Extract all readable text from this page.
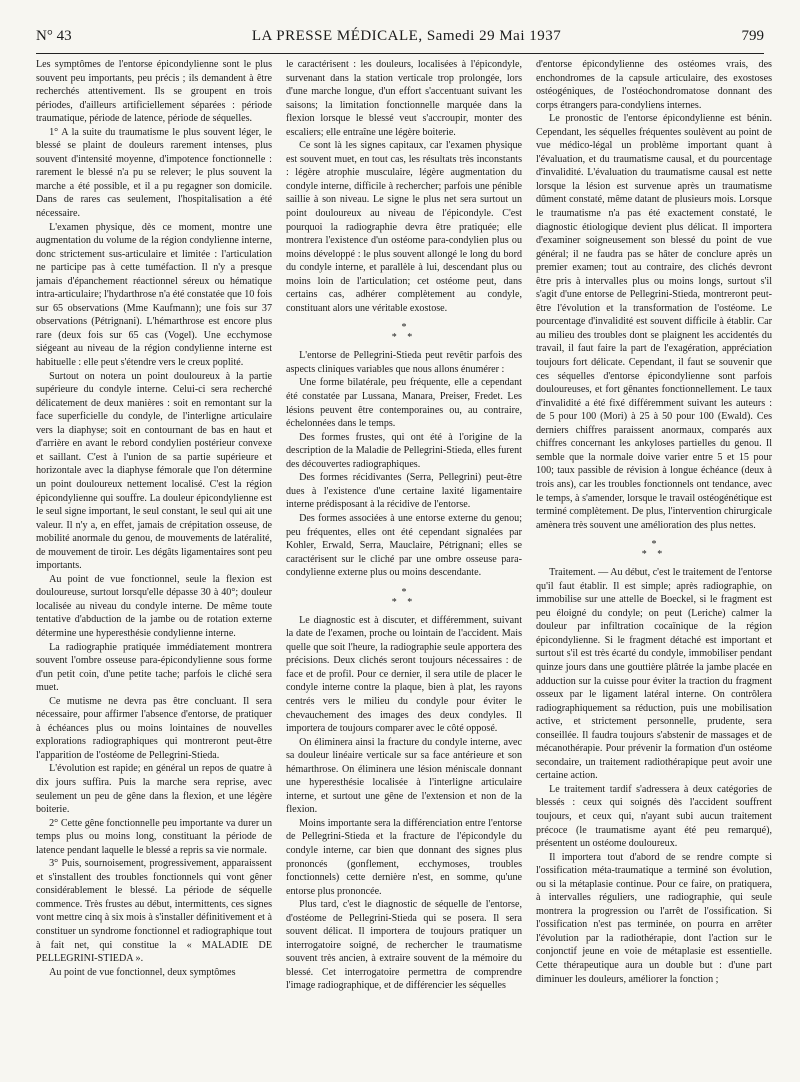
N° 43	LA PRESSE MÉDICALE, Samedi 29 Mai 1937	799

Les symptômes de l'entorse épicondylienne sont le plus souvent peu importants, peu précis ; ils demandent à être recherchés attentivement. Ils se groupent en trois périodes, d'ailleurs artificiellement séparées : période traumatique, période de latence, période de séquelles.

1° A la suite du traumatisme le plus souvent léger, le blessé se plaint de douleurs rarement intenses, plus souvent d'intensité moyenne, d'impotence fonctionnelle : rarement le blessé n'a pu se relever; le plus souvent la marche a été possible, et il a pu regagner son domicile. Dans de rares cas seulement, l'hospitalisation a été nécessaire.

L'examen physique, dès ce moment, montre une augmentation du volume de la région condylienne interne, donc strictement sus-articulaire et limitée : l'articulation ne participe pas à cette tuméfaction. Il n'y a presque jamais d'épanchement réactionnel séreux ou hématique intra-articulaire; l'hydarthrose n'a été constatée que 10 fois sur 65 observations (Mme Kaufmann); une fois sur 37 observations (Pétrignani). L'hémarthrose est encore plus rare (deux fois sur 65 cas (Vogel). Une ecchymose siégeant au niveau de la région condylienne interne est habituelle : elle peut s'étendre vers le creux poplité.

Surtout on notera un point douloureux à la partie supérieure du condyle interne. Celui-ci sera recherché délicatement de deux manières : soit en remontant sur la face superficielle du condyle, de l'interligne articulaire vers la diaphyse; soit en contournant de bas en haut et d'arrière en avant le rebord condylien postérieur convexe et saillant. C'est à l'union de sa partie supérieure et horizontale avec la diaphyse fémorale que l'on détermine un point douloureux nettement localisé. C'est la région épicondylienne qui souffre. La douleur épicondylienne est le seul signe important, le seul constant, le seul qui ait une valeur. Il n'y a, en effet, jamais de crépitation osseuse, de mobilité anormale du genou, de mouvements de latéralité, de mouvement de tiroir. Les dégâts ligamentaires sont peu importants.

Au point de vue fonctionnel, seule la flexion est douloureuse, surtout lorsqu'elle dépasse 30 à 40°; douleur localisée au niveau du condyle interne. De même toute tentative d'abduction de la jambe ou de rotation externe détermine une hyperesthésie condylienne interne.

La radiographie pratiquée immédiatement montrera souvent l'ombre osseuse para-épicondylienne sous forme d'un petit coin, d'une petite tache; parfois le cliché sera muet.

Ce mutisme ne devra pas être concluant. Il sera nécessaire, pour affirmer l'absence d'entorse, de pratiquer à échéances plus ou moins lointaines de nouvelles explorations radiographiques qui montreront peut-être l'apparition de l'ostéome de Pellegrini-Stieda.

L'évolution est rapide; en général un repos de quatre à dix jours suffira. Puis la marche sera reprise, avec seulement un peu de gêne dans la flexion, et une légère boiterie.

2° Cette gêne fonctionnelle peu importante va durer un temps plus ou moins long, constituant la période de latence pendant laquelle le blessé a repris sa vie normale.

3° Puis, sournoisement, progressivement, apparaissent et s'installent des troubles fonctionnels qui vont gêner considérablement le blessé. La période de séquelle commence. Très frustes au début, intermittents, ces signes vont mettre cinq à six mois à s'installer définitivement et à constituer un syndrome fonctionnel et radiographique tout à fait net, qui constitue la « MALADIE DE PELLEGRINI-STIEDA ».

Au point de vue fonctionnel, deux symptômes

le caractérisent : les douleurs, localisées à l'épicondyle, survenant dans la station verticale trop prolongée, lors d'une marche longue, d'un effort s'accentuant suivant les saisons; la limitation fonctionnelle marquée dans la flexion lorsque le blessé veut s'accroupir, monter des escaliers; elle entraîne une légère boiterie.

Ce sont là les signes capitaux, car l'examen physique est souvent muet, en tout cas, les résultats très inconstants : légère atrophie musculaire, légère augmentation du condyle interne, difficile à rechercher; parfois une pénible saillie à son niveau. Le signe le plus net sera surtout un point douloureux au niveau de l'épicondyle. C'est pourquoi la radiographie devra être pratiquée; elle montrera l'existence d'un ostéome para-condylien plus ou moins développé : le plus souvent allongé le long du bord du condyle interne, et parallèle à lui, descendant plus ou moins loin de l'articulation; cet ostéome peut, dans certains cas, adhérer complètement au condyle, constituant alors une véritable exostose.

*
* *

L'entorse de Pellegrini-Stieda peut revêtir parfois des aspects cliniques variables que nous allons énumérer :

Une forme bilatérale, peu fréquente, elle a cependant été constatée par Lussana, Manara, Preiser, Fredet. Les lésions peuvent être contemporaines ou, au contraire, échelonnées dans le temps.

Des formes frustes, qui ont été à l'origine de la description de la Maladie de Pellegrini-Stieda, elles furent des découvertes radiographiques.

Des formes récidivantes (Serra, Pellegrini) peut-être dues à l'existence d'une certaine laxité ligamentaire interne prédisposant à la récidive de l'entorse.

Des formes associées à une entorse externe du genou; peu fréquentes, elles ont été cependant signalées par Kohler, Erwald, Serra, Mauclaire, Pétrignani; elles se caractérisent sur le cliché par une ombre osseuse para-condylienne externe plus ou moins descendante.

*
* *

Le diagnostic est à discuter, et différemment, suivant la date de l'examen, proche ou lointain de l'accident. Mais quelle que soit l'heure, la radiographie seule apportera des précisions. Deux clichés seront toujours nécessaires : de face et de profil. Pour ce dernier, il sera utile de placer le condyle interne contre la plaque, bien à plat, les rayons centrés vers le milieu du condyle pour éviter le chevauchement des images des deux condyles. Il importera de toujours comparer avec le côté opposé.

On éliminera ainsi la fracture du condyle interne, avec sa douleur linéaire verticale sur sa face antérieure et son hémarthrose. On éliminera une lésion méniscale donnant une hyperesthésie localisée à l'interligne articulaire interne, et surtout une gêne de l'extension et non de la flexion.

Moins importante sera la différenciation entre l'entorse de Pellegrini-Stieda et la fracture de l'épicondyle du condyle interne, car bien que donnant des signes plus prononcés (gonflement, ecchymoses, troubles fonctionnels) cette dernière n'est, en somme, qu'une entorse plus prononcée.

Plus tard, c'est le diagnostic de séquelle de l'entorse, d'ostéome de Pellegrini-Stieda qui se posera. Il sera souvent délicat. Il importera de toujours pratiquer un interrogatoire soigné, de rechercher le traumatisme souvent très ancien, à extraire souvent de la mémoire du blessé. Cet interrogatoire permettra de comprendre l'image radiographique, et de différencier les séquelles

d'entorse épicondylienne des ostéomes vrais, des enchondromes de la capsule articulaire, des exostoses ostéogéniques, de l'ostéochondromatose donnant des corps étrangers para-condyliens internes.

Le pronostic de l'entorse épicondylienne est bénin. Cependant, les séquelles fréquentes soulèvent au point de vue médico-légal un problème important quant à l'évaluation, et du traumatisme causal, et du pourcentage d'invalidité. L'évaluation du traumatisme causal est nette lorsque la lésion est survenue après un traumatisme dûment constaté, même datant de plusieurs mois. Lorsque le traumatisme n'a pas été exactement constaté, le diagnostic étiologique devient plus délicat. Il importera d'examiner soigneusement son blessé du point de vue général; il ne faudra pas se hâter de conclure après un premier examen; tout au contraire, des clichés devront être pris à intervalles plus ou moins longs, surtout s'il s'agit d'une entorse de Pellegrini-Stieda, montreront peut-être l'évolution et la transformation de l'ostéome. Le pourcentage d'invalidité est souvent difficile à établir. Car au milieu des troubles dont se plaignent les accidentés du travail, il faut faire la part de l'exagération, appréciation toujours fort délicate. Cependant, il faut se souvenir que ces séquelles d'entorse épicondylienne sont parfois douloureuses, et fort gênantes fonctionnellement. Le taux d'invalidité a été fixé différemment suivant les auteurs : de 5 pour 100 (Mori) à 25 à 50 pour 100 (Ewald). Ces derniers chiffres paraissent anormaux, comparés aux chiffres concernant les ankyloses partielles du genou. Il semble que la normale doive varier entre 5 et 15 pour 100; taux passible de révision à longue échéance (deux à trois ans), car les troubles fonctionnels ont tendance, avec le temps, à s'amender, lorsque le travail ostéogénétique est terminé complètement. De plus, l'intervention chirurgicale amènera très souvent une amélioration des plus nettes.

*
* *

Traitement. — Au début, c'est le traitement de l'entorse qu'il faut établir. Il est simple; après radiographie, on immobilise sur une attelle de Boeckel, si le fragment est peu éloigné du condyle; on peut (Leriche) calmer la douleur par infiltration cocaïnique de la région épicondylienne. Si le fragment détaché est important et surtout s'il est très écarté du condyle, immobiliser pendant quinze jours dans une gouttière plâtrée la jambe placée en adduction sur la cuisse pour éviter la traction du fragment osseux par le ligament latéral interne. On contrôlera radiographiquement sa réduction, puis une mobilisation active, et strictement personnelle, prudente, sera conseillée. Il faudra toujours s'abstenir de massages et de mécanothérapie. Pour prévenir la formation d'un ostéome secondaire, un traitement radiothérapique peut avoir une certaine action.

Le traitement tardif s'adressera à deux catégories de blessés : ceux qui soignés dès l'accident souffrent toujours, et ceux qui, n'ayant subi aucun traitement précoce (le traumatisme ayant été peu remarqué), présentent un ostéome douloureux.

Il importera tout d'abord de se rendre compte si l'ossification méta-traumatique a terminé son évolution, ou si la métaplasie continue. Pour ce faire, on pratiquera, à intervalles réguliers, une radiographie, qui seule montrera la progression ou l'arrêt de l'ossification. Si l'ossification n'est pas terminée, on pourra en arrêter l'évolution par la radiothérapie, dont l'action sur le conjonctif jeune en voie de métaplasie est essentielle. Cette thérapeutique aura un double but : d'une part diminuer les douleurs, améliorer la fonction ;
